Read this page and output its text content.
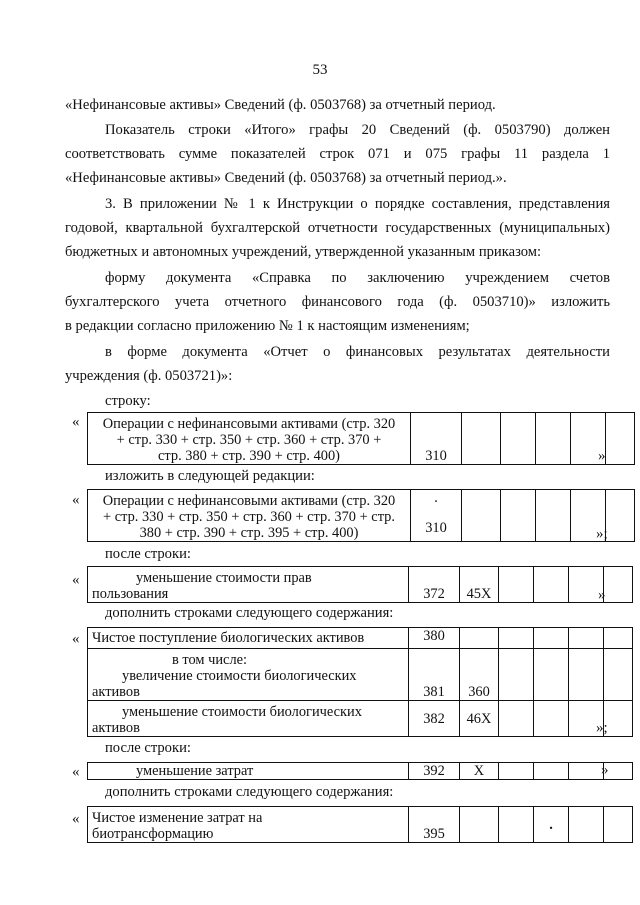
53
«Нефинансовые активы» Сведений (ф. 0503768) за отчетный период.
Показатель строки «Итого» графы 20 Сведений (ф. 0503790) должен
соответствовать сумме показателей строк 071 и 075 графы 11 раздела 1
«Нефинансовые активы» Сведений (ф. 0503768) за отчетный период.».
3. В приложении № 1 к Инструкции о порядке составления, представления
годовой, квартальной бухгалтерской отчетности государственных (муниципальных)
бюджетных и автономных учреждений, утвержденной указанным приказом:
форму документа «Справка по заключению учреждением счетов
бухгалтерского учета отчетного финансового года (ф. 0503710)» изложить
в редакции согласно приложению № 1 к настоящим изменениям;
в форме документа «Отчет о финансовых результатах деятельности
учреждения (ф. 0503721)»:
строку:
«	Операции с нефинансовыми активами (стр. 320
+ стр. 330 + стр. 350 + стр. 360 + стр. 370 +
стр. 380 + стр. 390 + стр. 400)	310						»
изложить в следующей редакции:
«	Операции с нефинансовыми активами (стр. 320
+ стр. 330 + стр. 350 + стр. 360 + стр. 370 + стр.
380 + стр. 390 + стр. 395 + стр. 400)

.
310
						»;
после строки:
«	уменьшение стоимости прав
пользования	372	45X					»
дополнить строками следующего содержания:
« Чистое поступление биологических активов	380					

в том числе:
увеличение стоимости биологических
активов	381	360				

уменьшение стоимости биологических
активов	382	46X				
»;
после строки:
«	уменьшение затрат	392	X					»
дополнить строками следующего содержания:
« Чистое изменение затрат на
биотрансформацию	395			.		
